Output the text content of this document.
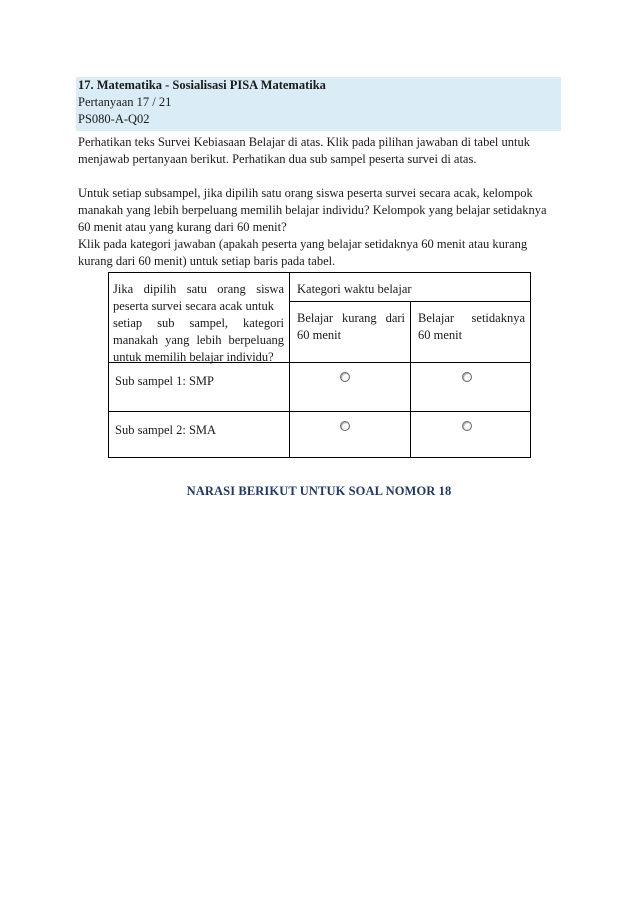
17. Matematika - Sosialisasi PISA Matematika
Pertanyaan 17 / 21
PS080-A-Q02
Perhatikan teks Survei Kebiasaan Belajar di atas. Klik pada pilihan jawaban di tabel untuk
menjawab pertanyaan berikut. Perhatikan dua sub sampel peserta survei di atas.
Untuk setiap subsampel, jika dipilih satu orang siswa peserta survei secara acak, kelompok
manakah yang lebih berpeluang memilih belajar individu? Kelompok yang belajar setidaknya
60 menit atau yang kurang dari 60 menit?
Klik pada kategori jawaban (apakah peserta yang belajar setidaknya 60 menit atau kurang
kurang dari 60 menit) untuk setiap baris pada tabel.
Jika dipilih satu orang siswa
peserta survei secara acak untuk
setiap sub sampel, kategori
manakah yang lebih berpeluang
untuk memilih belajar individu?
Kategori waktu belajar
Belajar kurang dari
60 menit
Belajar setidaknya
60 menit
Sub sampel 1: SMP
Sub sampel 2: SMA
NARASI BERIKUT UNTUK SOAL NOMOR 18
